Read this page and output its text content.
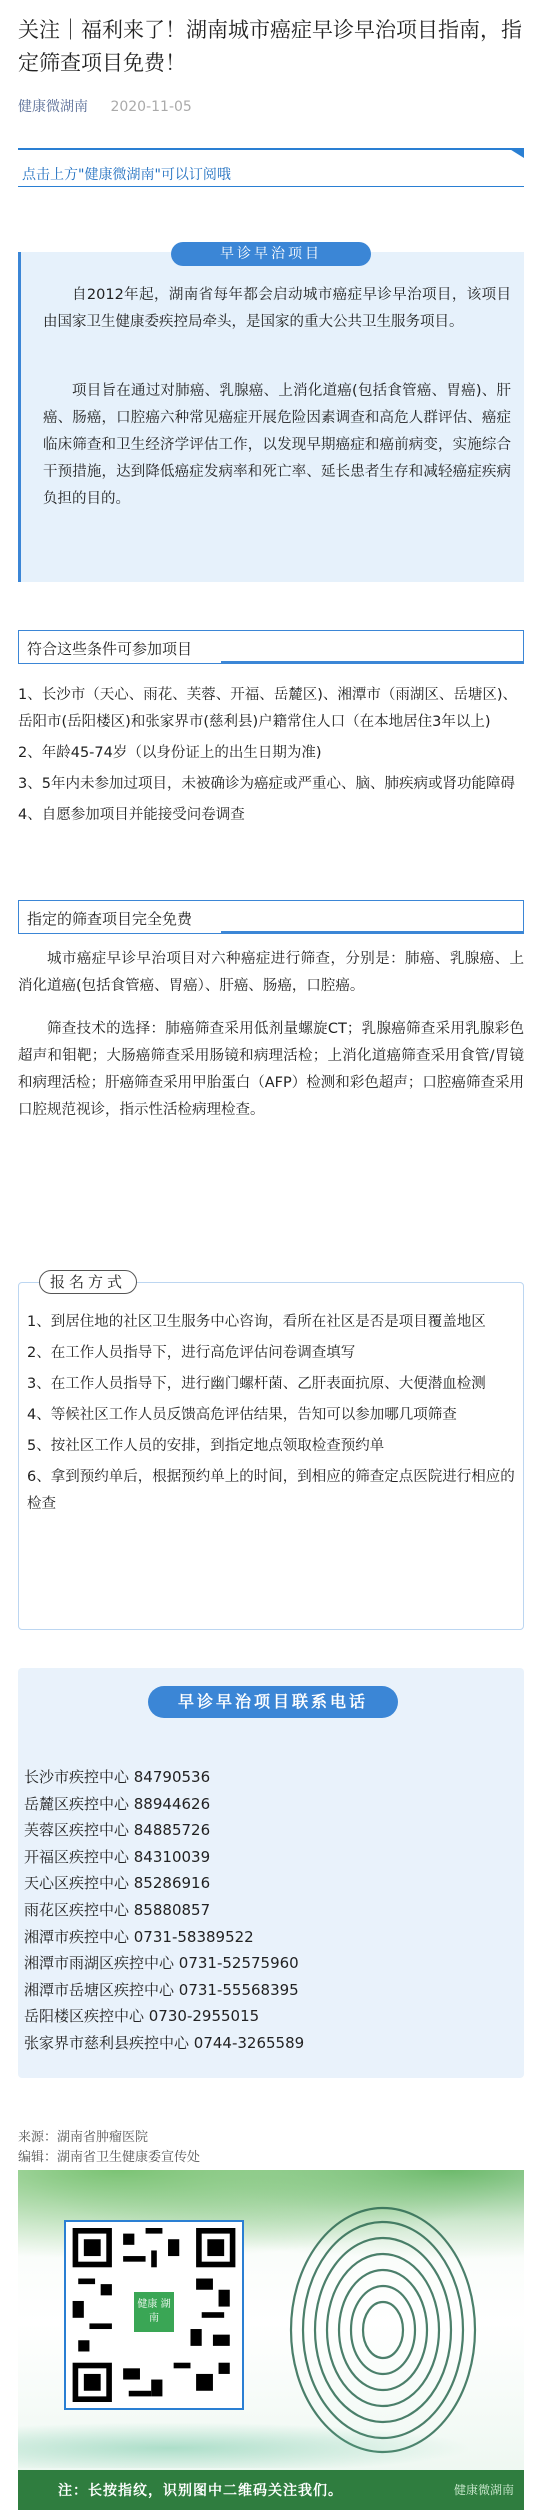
关注｜福利来了！湖南城市癌症早诊早治项目指南，指定筛查项目免费！
健康微湖南 2020-11-05
点击上方"健康微湖南"可以订阅哦
早诊早治项目

自2012年起，湖南省每年都会启动城市癌症早诊早治项目，该项目由国家卫生健康委疾控局牵头，是国家的重大公共卫生服务项目。

项目旨在通过对肺癌、乳腺癌、上消化道癌(包括食管癌、胃癌)、肝癌、肠癌，口腔癌六种常见癌症开展危险因素调查和高危人群评估、癌症临床筛查和卫生经济学评估工作，以发现早期癌症和癌前病变，实施综合干预措施，达到降低癌症发病率和死亡率、延长患者生存和减轻癌症疾病负担的目的。

符合这些条件可参加项目

1、长沙市（天心、雨花、芙蓉、开福、岳麓区)、湘潭市（雨湖区、岳塘区)、岳阳市(岳阳楼区)和张家界市(慈利县)户籍常住人口（在本地居住3年以上)

2、年龄45-74岁（以身份证上的出生日期为准)

3、5年内未参加过项目，未被确诊为癌症或严重心、脑、肺疾病或肾功能障碍

4、自愿参加项目并能接受问卷调查

指定的筛查项目完全免费

城市癌症早诊早治项目对六种癌症进行筛查，分别是：肺癌、乳腺癌、上消化道癌(包括食管癌、胃癌）、肝癌、肠癌，口腔癌。

筛查技术的选择：肺癌筛查采用低剂量螺旋CT；乳腺癌筛查采用乳腺彩色超声和钼靶；大肠癌筛查采用肠镜和病理活检；上消化道癌筛查采用食管/胃镜和病理活检；肝癌筛查采用甲胎蛋白（AFP）检测和彩色超声；口腔癌筛查采用口腔规范视诊，指示性活检病理检查。

报名方式

1、到居住地的社区卫生服务中心咨询，看所在社区是否是项目覆盖地区

2、在工作人员指导下，进行高危评估问卷调查填写

3、在工作人员指导下，进行幽门螺杆菌、乙肝表面抗原、大便潜血检测

4、等候社区工作人员反馈高危评估结果，告知可以参加哪几项筛查

5、按社区工作人员的安排，到指定地点领取检查预约单

6、拿到预约单后，根据预约单上的时间，到相应的筛查定点医院进行相应的检查

早诊早治项目联系电话
长沙市疾控中心 84790536
岳麓区疾控中心 88944626
芙蓉区疾控中心 84885726
开福区疾控中心 84310039
天心区疾控中心 85286916
雨花区疾控中心 85880857
湘潭市疾控中心 0731-58389522
湘潭市雨湖区疾控中心 0731-52575960
湘潭市岳塘区疾控中心 0731-55568395
岳阳楼区疾控中心 0730-2955015
张家界市慈利县疾控中心 0744-3265589
来源：湖南省肿瘤医院
编辑：湖南省卫生健康委宣传处
健康 湖南
注：长按指纹，识别图中二维码关注我们。	健康微湖南
